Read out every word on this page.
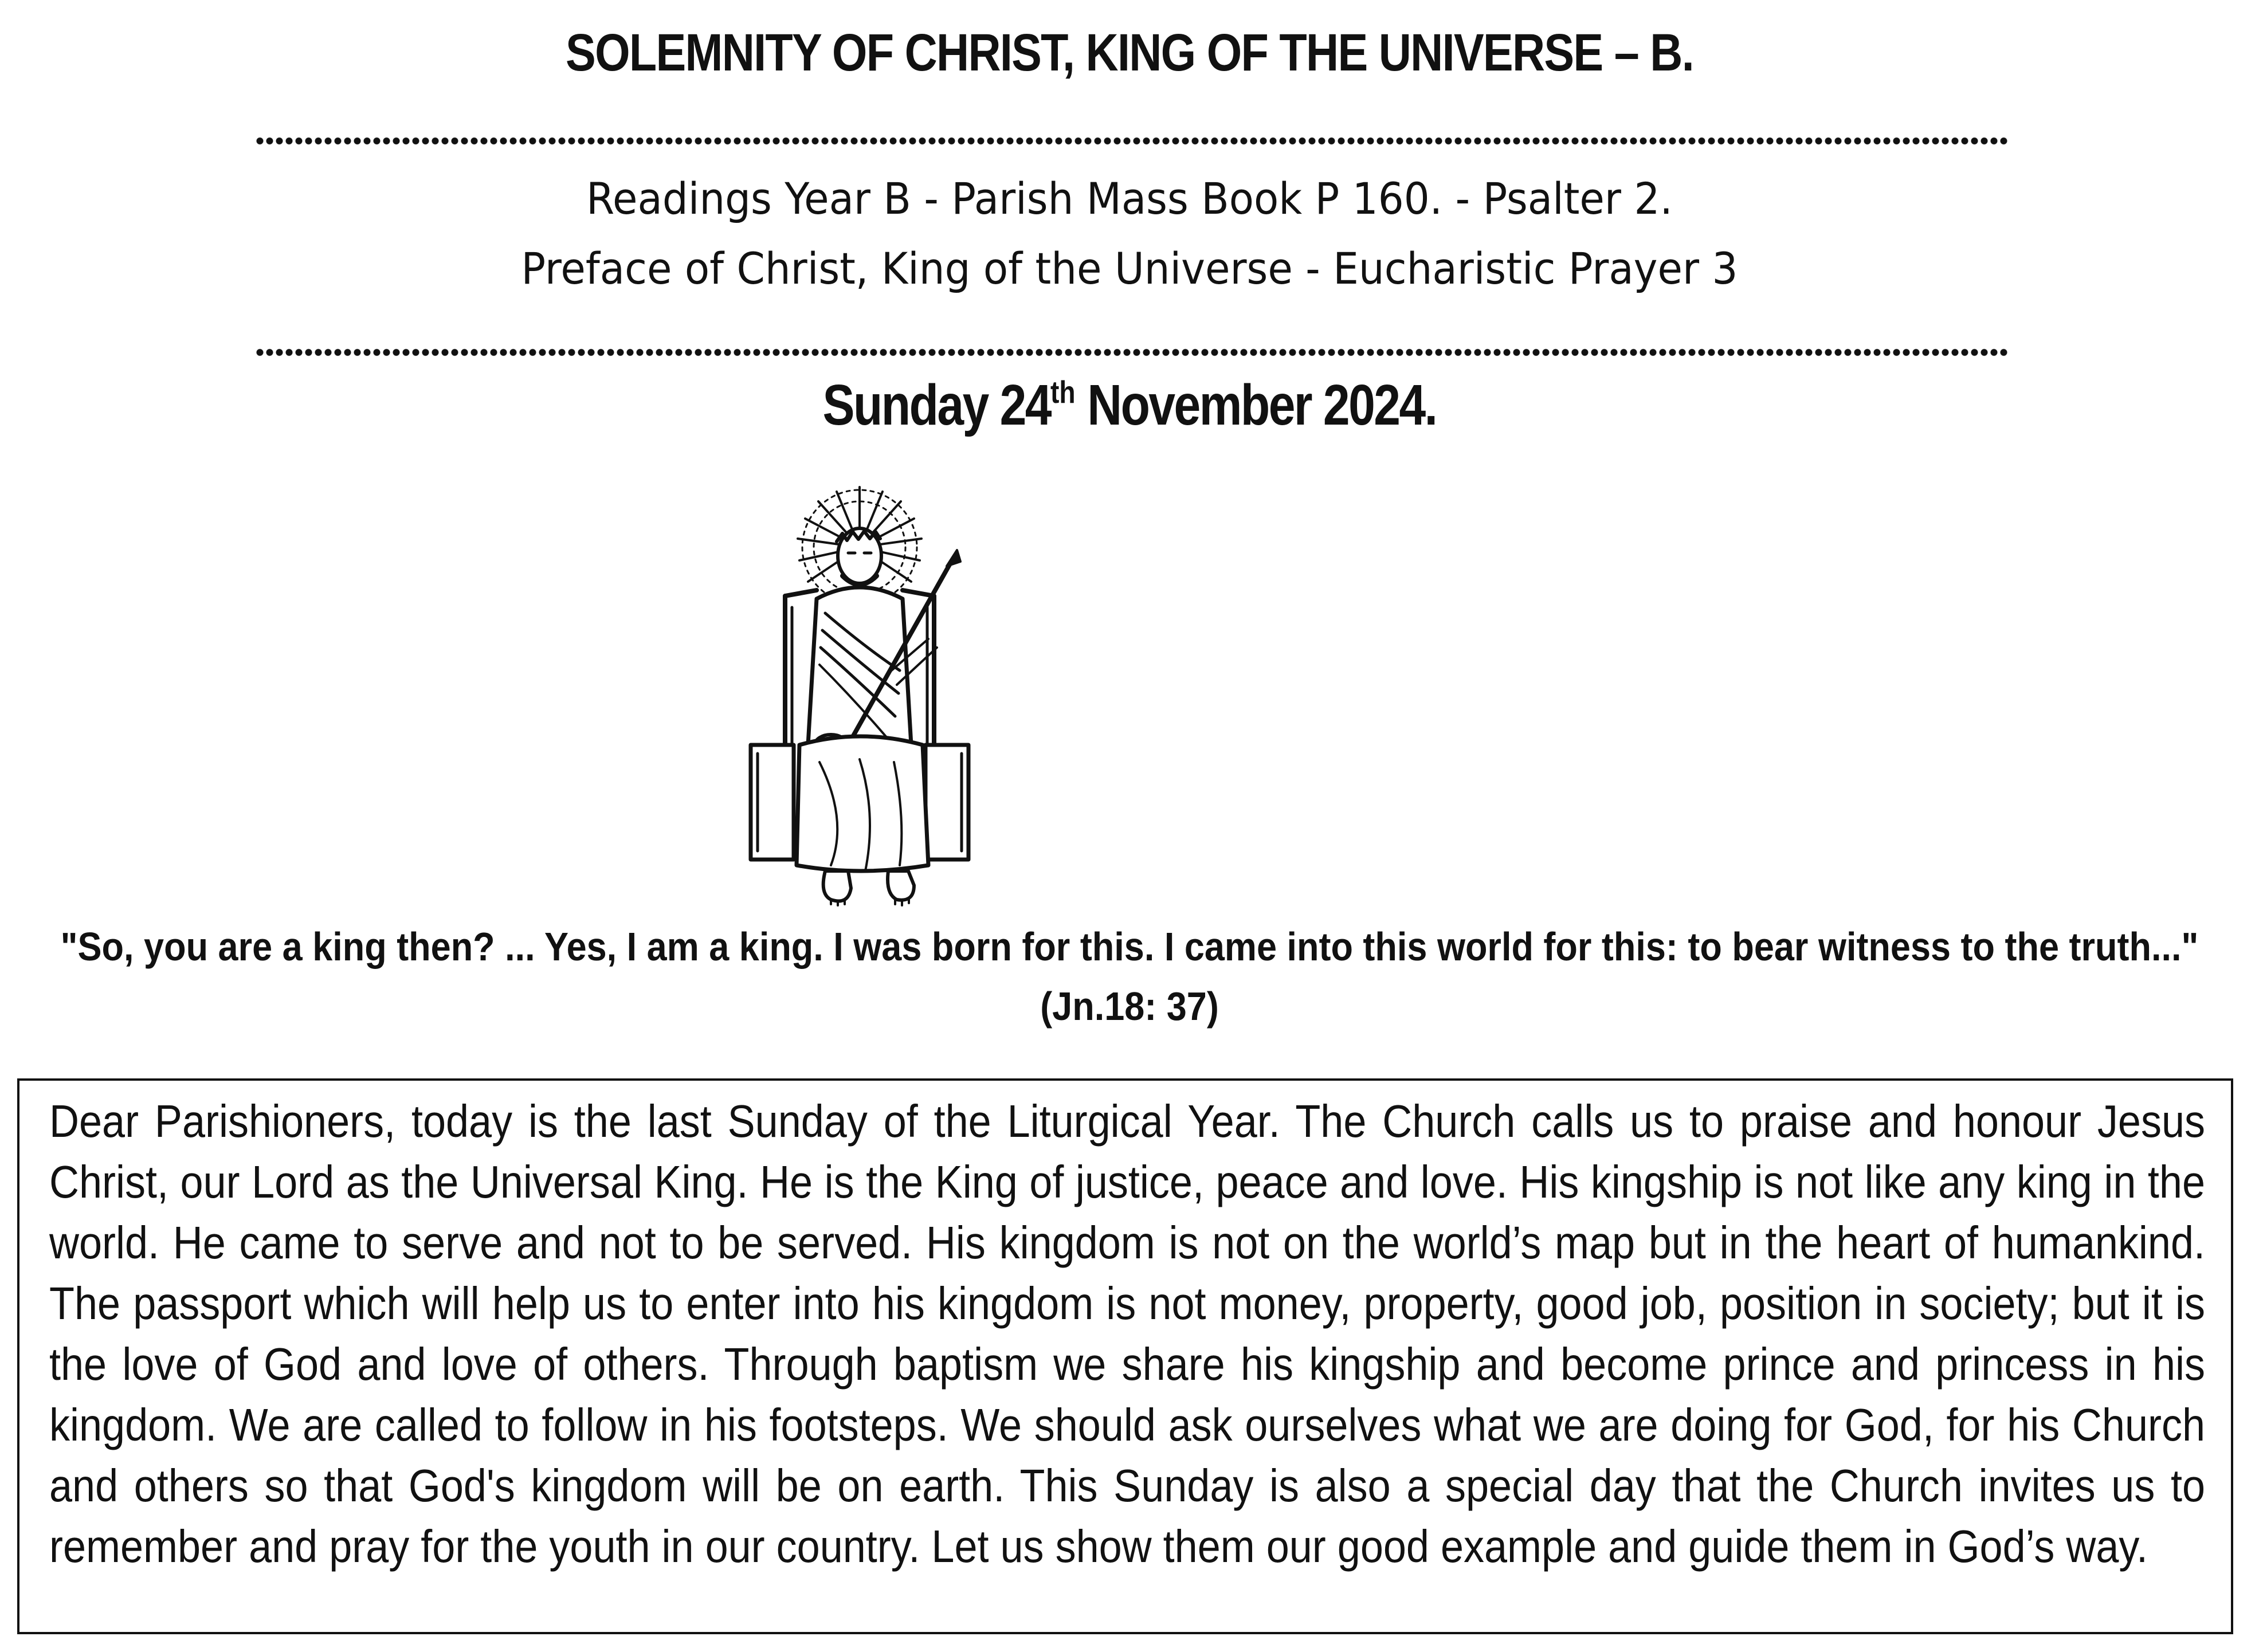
SOLEMNITY OF CHRIST, KING OF THE UNIVERSE – B.
Readings Year B - Parish Mass Book P 160. - Psalter 2.
Preface of Christ, King of the Universe - Eucharistic Prayer 3
Sunday 24th November 2024.
"So, you are a king then? ... Yes, I am a king. I was born for this. I came into this world for this: to bear witness to the truth..." (Jn.18: 37)
Dear Parishioners, today is the last Sunday of the Liturgical Year. The Church calls us to praise and honour Jesus Christ, our Lord as the Universal King. He is the King of justice, peace and love. His kingship is not like any king in the world. He came to serve and not to be served. His kingdom is not on the world’s map but in the heart of humankind. The passport which will help us to enter into his kingdom is not money, property, good job, position in society; but it is the love of God and love of others. Through baptism we share his kingship and become prince and princess in his kingdom. We are called to follow in his footsteps. We should ask ourselves what we are doing for God, for his Church and others so that God's kingdom will be on earth. This Sunday is also a special day that the Church invites us to remember and pray for the youth in our country. Let us show them our good example and guide them in God’s way.
